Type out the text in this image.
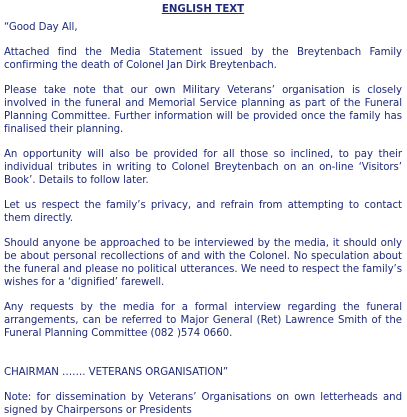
ENGLISH TEXT

“Good Day All,

Attached find the Media Statement issued by the Breytenbach Family confirming the death of Colonel Jan Dirk Breytenbach.

Please take note that our own Military Veterans’ organisation is closely involved in the funeral and Memorial Service planning as part of the Funeral Planning Committee. Further information will be provided once the family has finalised their planning.

An opportunity will also be provided for all those so inclined, to pay their individual tributes in writing to Colonel Breytenbach on an on-line ‘Visitors’ Book’. Details to follow later.

Let us respect the family’s privacy, and refrain from attempting to contact them directly.

Should anyone be approached to be interviewed by the media, it should only be about personal recollections of and with the Colonel. No speculation about the funeral and please no political utterances. We need to respect the family’s wishes for a ‘dignified’ farewell.

Any requests by the media for a formal interview regarding the funeral arrangements, can be referred to Major General (Ret) Lawrence Smith of the Funeral Planning Committee (082 )574 0660.

CHAIRMAN ……. VETERANS ORGANISATION”

Note: for dissemination by Veterans’ Organisations on own letterheads and signed by Chairpersons or Presidents
